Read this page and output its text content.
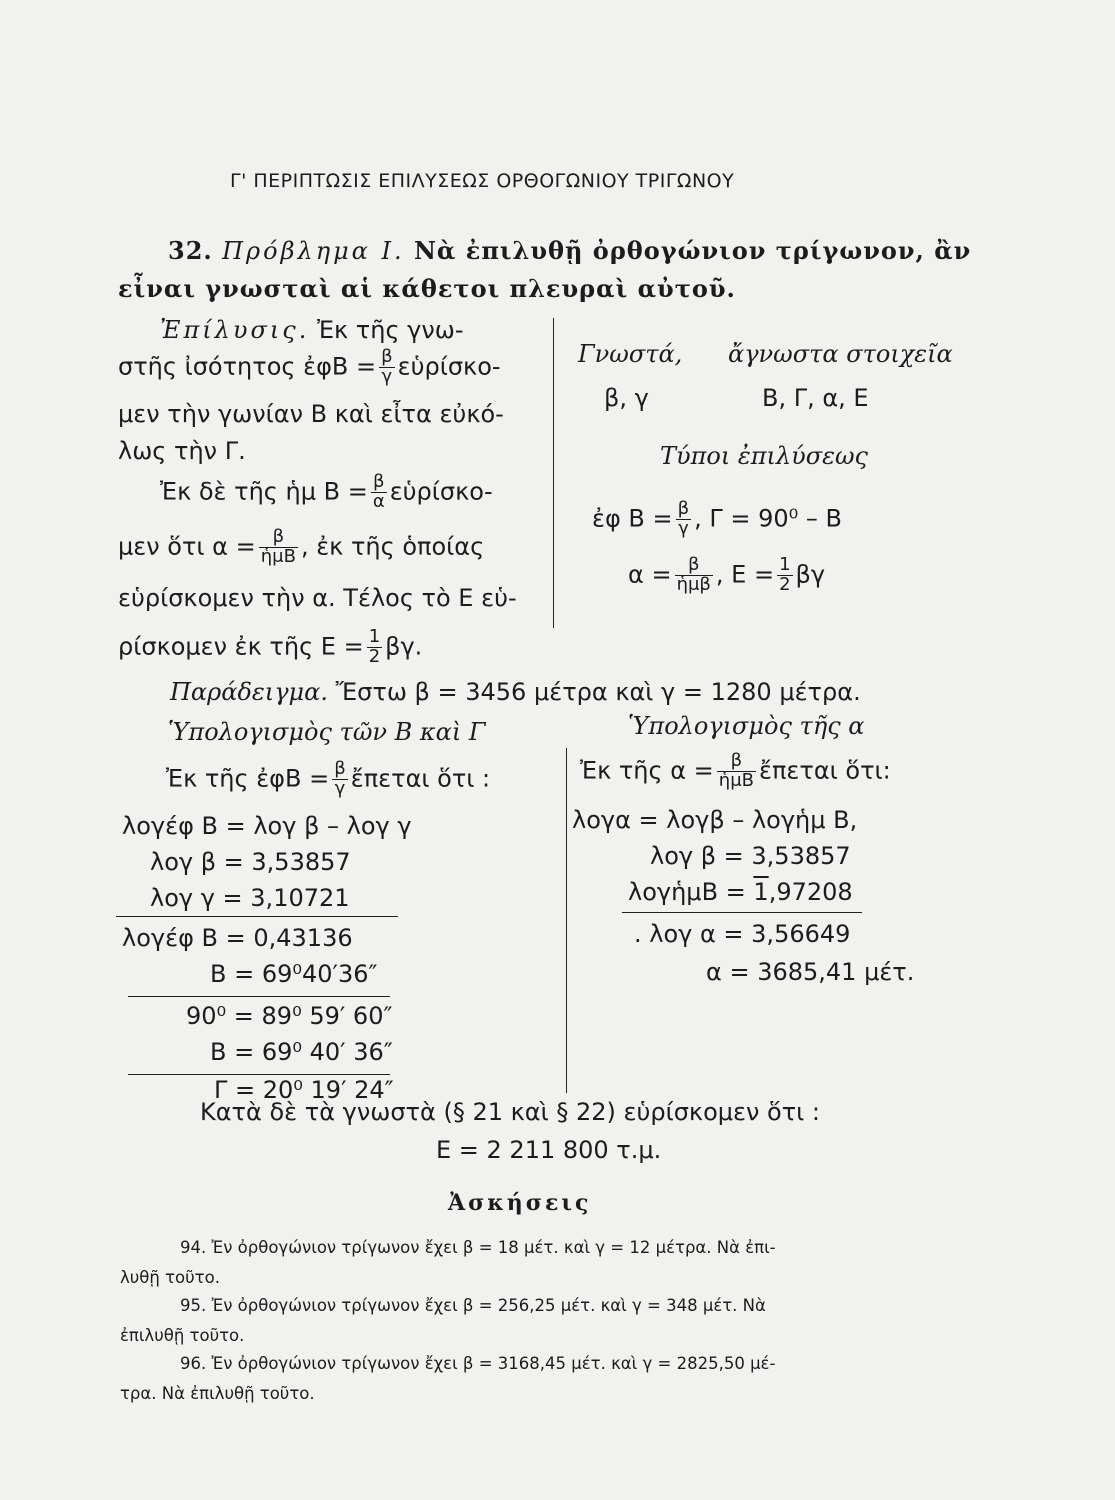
Γ' ΠΕΡΙΠΤΩΣΙΣ ΕΠΙΛΥΣΕΩΣ ΟΡΘΟΓΩΝΙΟΥ ΤΡΙΓΩΝΟΥ
32. Πρόβλημα Ι. Νὰ ἐπιλυθῇ ὀρθογώνιον τρίγωνον, ἂν
εἶναι γνωσταὶ αἱ κάθετοι πλευραὶ αὐτοῦ.
Ἐπίλυσις. Ἐκ τῆς γνω-
στῆς ἰσότητος ἐφΒ = $\frac{\beta}{\gamma}$ εὑρίσκο-
μεν τὴν γωνίαν Β καὶ εἶτα εὐκό-
λως τὴν Γ.
Ἐκ δὲ τῆς ἡμ $B = \frac{\beta}{\alpha}$ εὑρίσκο-
μεν ὅτι $\alpha = \frac{\beta}{\text{ἡμΒ}}$ , ἐκ τῆς ὁποίας
εὑρίσκομεν τὴν α. Τέλος τὸ Ε εὑ-
ρίσκομεν ἐκ τῆς $E = \frac{1}{2} \beta\gamma$.
Γνωστά, ἄγνωστα στοιχεῖα
β, γ	Β, Γ, α, Ε
Τύποι ἐπιλύσεως
ἐφ $B = \frac{\beta}{\gamma}$ , Γ = 90⁰ – Β
$\alpha = \frac{\beta}{\text{ἡμβ}}$ , $E = \frac{1}{2}$ βγ
Παράδειγμα. Ἔστω β = 3456 μέτρα καὶ γ = 1280 μέτρα.
Ὑπολογισμὸς τῶν Β καὶ Γ
Ἐκ τῆς ἐφΒ = $\frac{\beta}{\gamma}$ ἔπεται ὅτι :
λογέφ Β = λογ β – λογ γ
λογ β = 3,53857
λογ γ = 3,10721
λογέφ Β = 0,43136
Β = 69⁰40′36″
90⁰ = 89⁰ 59′ 60″
Β = 69⁰ 40′ 36″
Γ = 20⁰ 19′ 24″
Ὑπολογισμὸς τῆς α
Ἐκ τῆς $\alpha = \frac{\beta}{\text{ἡμΒ}}$ ἔπεται ὅτι:
λογα = λογβ – λογἡμ Β,
λογ β = 3,53857
λογἡμΒ = 1,97208
. λογ α = 3,56649
α = 3685,41 μέτ.
Κατὰ δὲ τὰ γνωστὰ (§ 21 καὶ § 22) εὑρίσκομεν ὅτι :
Ε = 2 211 800 τ.μ.
Ἀσκήσεις
94. Ἐν ὀρθογώνιον τρίγωνον ἔχει β = 18 μέτ. καὶ γ = 12 μέτρα. Νὰ ἐπι-
λυθῇ τοῦτο.
95. Ἐν ὀρθογώνιον τρίγωνον ἔχει β = 256,25 μέτ. καὶ γ = 348 μέτ. Νὰ
ἐπιλυθῇ τοῦτο.
96. Ἐν ὀρθογώνιον τρίγωνον ἔχει β = 3168,45 μέτ. καὶ γ = 2825,50 μέ-
τρα. Νὰ ἐπιλυθῇ τοῦτο.
